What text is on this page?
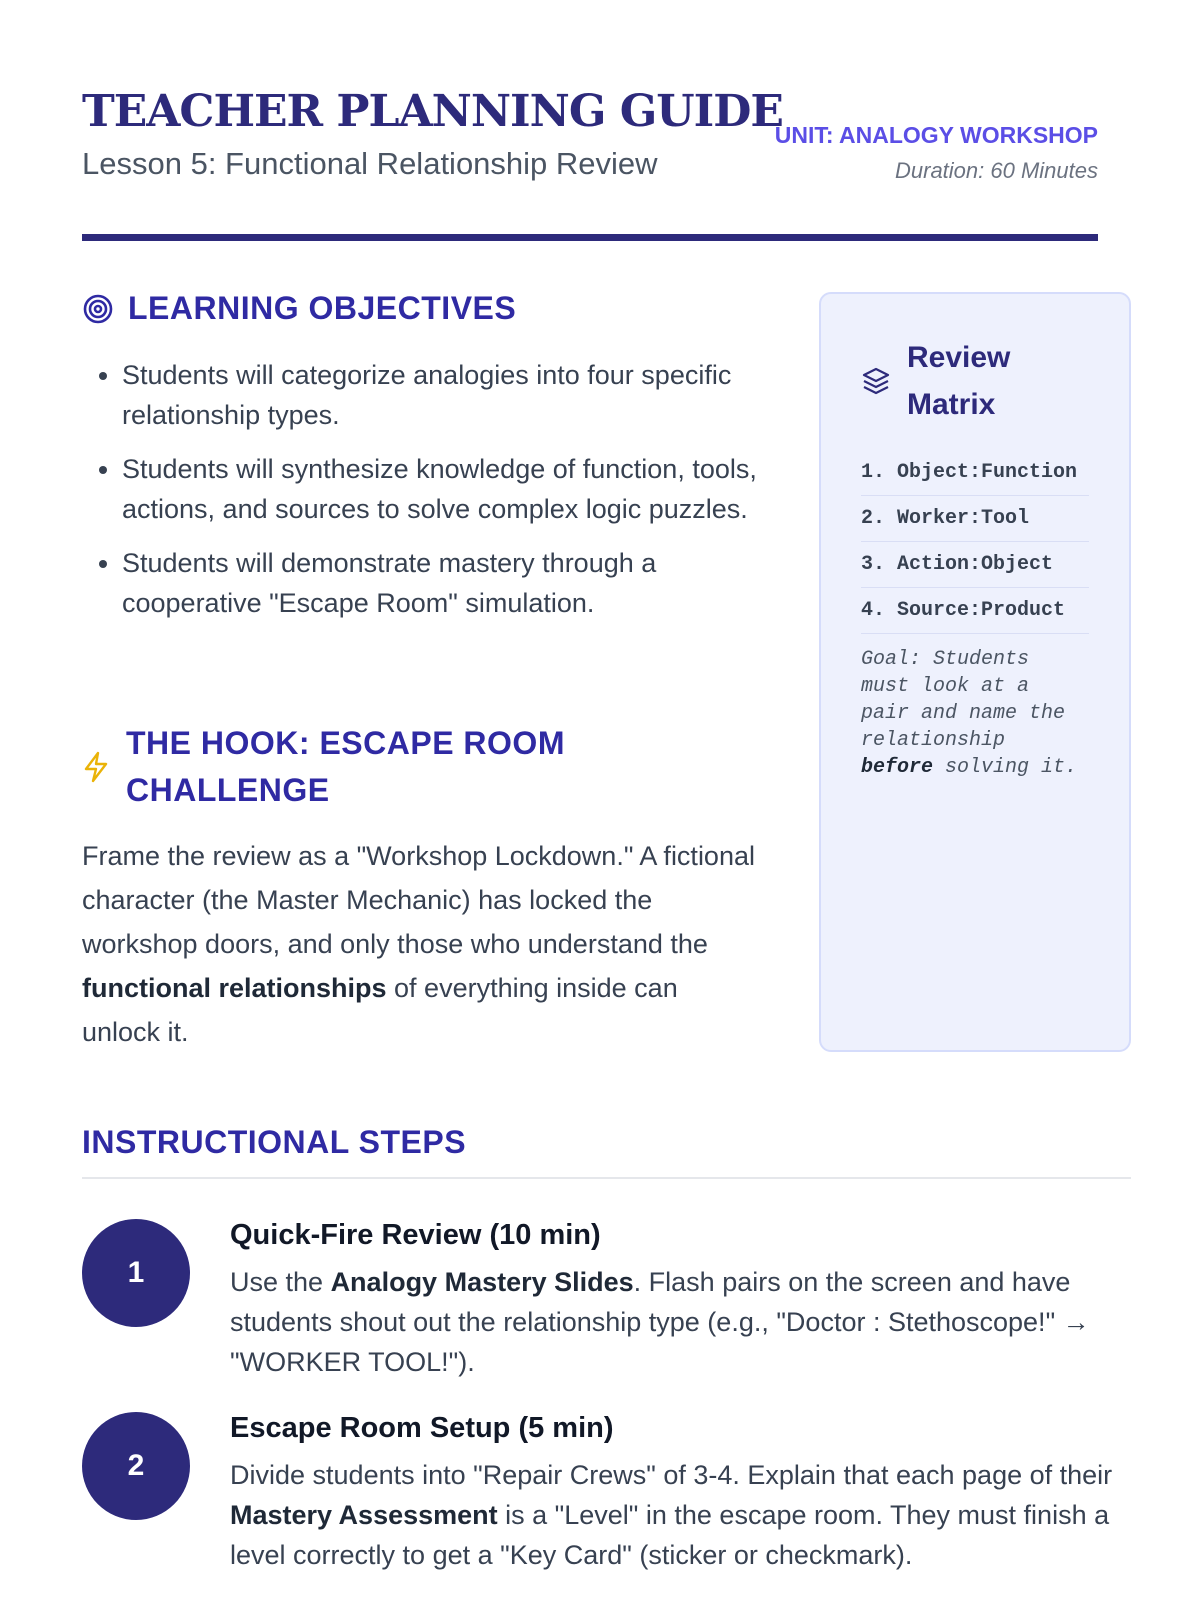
TEACHER PLANNING GUIDE
Lesson 5: Functional Relationship Review
UNIT: ANALOGY WORKSHOP
Duration: 60 Minutes
LEARNING OBJECTIVES
• Students will categorize analogies into four specific relationship types.
• Students will synthesize knowledge of function, tools, actions, and sources to solve complex logic puzzles.
• Students will demonstrate mastery through a cooperative "Escape Room" simulation.
THE HOOK: ESCAPE ROOM CHALLENGE

Frame the review as a "Workshop Lockdown." A fictional character (the Master Mechanic) has locked the workshop doors, and only those who understand the functional relationships of everything inside can unlock it.

Review Matrix
1. Object:Function
2. Worker:Tool
3. Action:Object
4. Source:Product
Goal: Students must look at a pair and name the relationship before solving it.
INSTRUCTIONAL STEPS
1
Quick-Fire Review (10 min)

Use the Analogy Mastery Slides. Flash pairs on the screen and have students shout out the relationship type (e.g., "Doctor : Stethoscope!" → "WORKER TOOL!").

2
Escape Room Setup (5 min)

Divide students into "Repair Crews" of 3-4. Explain that each page of their Mastery Assessment is a "Level" in the escape room. They must finish a level correctly to get a "Key Card" (sticker or checkmark).
